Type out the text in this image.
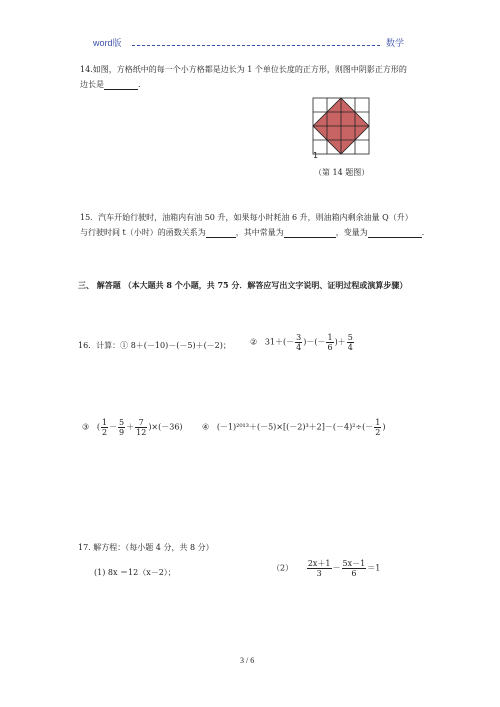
word版	数学
14.如图，方格纸中的每一个小方格都是边长为 1 个单位长度的正方形，则图中阴影正方形的
边长是	.
1
（第 14 题图）
15．汽车开始行驶时，油箱内有油 50 升，如果每小时耗油 6 升，则油箱内剩余油量 Q（升）
与行驶时间 t（小时）的函数关系为	，其中常量为	，变量为	.
三、 解答题 （本大题共 8 个小题，共 75 分．解答应写出文字说明、证明过程或演算步骤）
16．计算：① 8＋(－10)－(－5)＋(－2)； ② $31+(- \frac{3}{4}$ )－(－ $\frac{1}{6}$ )＋ $\frac{5}{4}$
③ ( $\frac{1}{2} - \frac{5}{9} + \frac{7}{12} )\times(-36)$ ④ $(-1)^{2013}+(-5)\times[(-2)^3+2]-(-4)^2\div(- \frac{1}{2}$ )
17. 解方程：（每小题 4 分，共 8 分）
(1) 8x ＝12（x－2）；	$(2) \frac{2x+1}{3} - \frac{5x-1}{6} =1$
3 / 6
